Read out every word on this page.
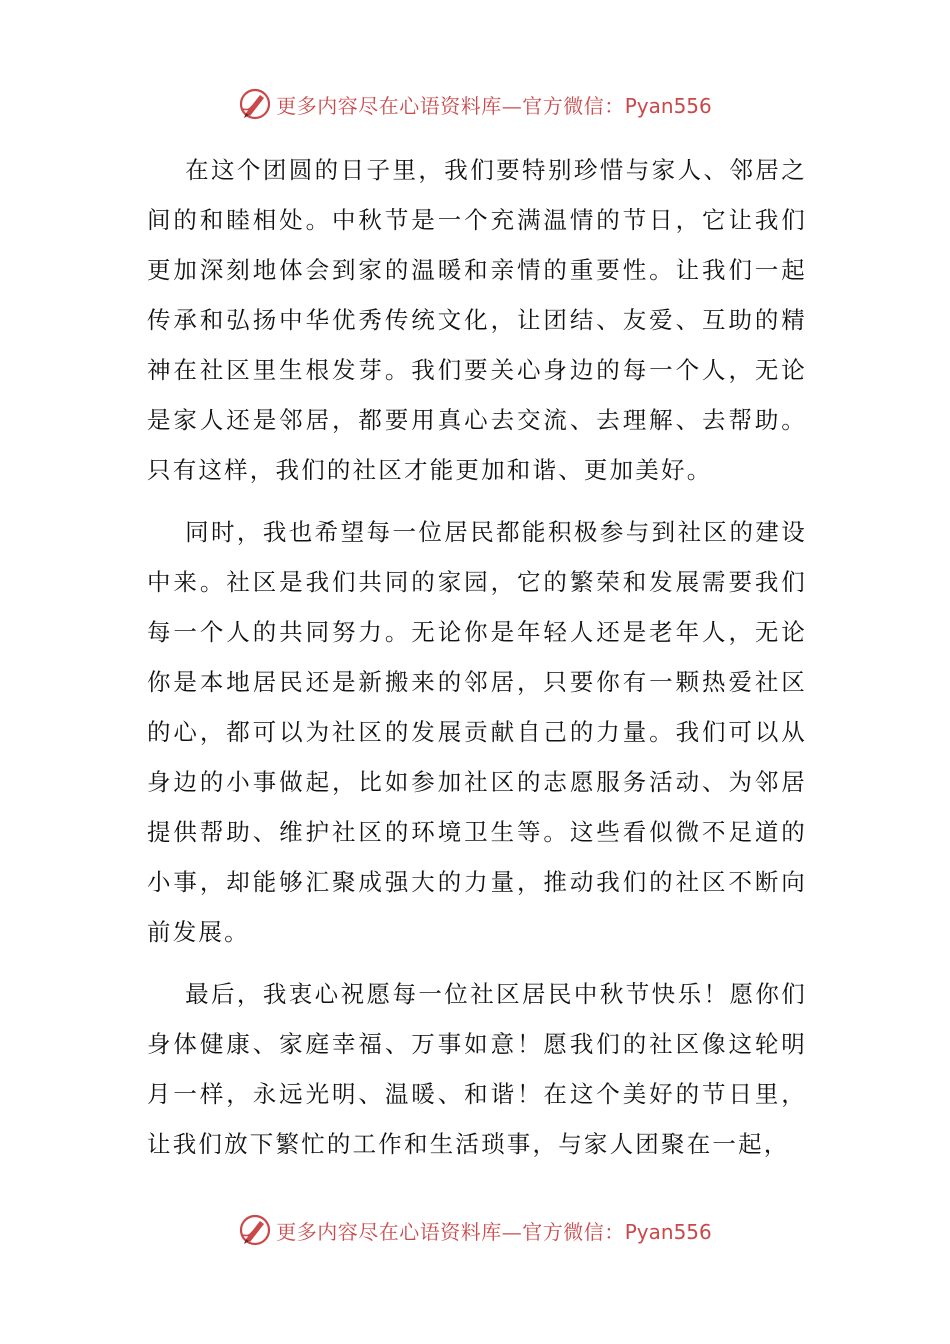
更多内容尽在心语资料库—官方微信：Pyan556

在这个团圆的日子里，我们要特别珍惜与家人、邻居之间的和睦相处。中秋节是一个充满温情的节日，它让我们更加深刻地体会到家的温暖和亲情的重要性。让我们一起传承和弘扬中华优秀传统文化，让团结、友爱、互助的精神在社区里生根发芽。我们要关心身边的每一个人，无论是家人还是邻居，都要用真心去交流、去理解、去帮助。只有这样，我们的社区才能更加和谐、更加美好。

同时，我也希望每一位居民都能积极参与到社区的建设中来。社区是我们共同的家园，它的繁荣和发展需要我们每一个人的共同努力。无论你是年轻人还是老年人，无论你是本地居民还是新搬来的邻居，只要你有一颗热爱社区的心，都可以为社区的发展贡献自己的力量。我们可以从身边的小事做起，比如参加社区的志愿服务活动、为邻居提供帮助、维护社区的环境卫生等。这些看似微不足道的小事，却能够汇聚成强大的力量，推动我们的社区不断向前发展。

最后，我衷心祝愿每一位社区居民中秋节快乐！愿你们身体健康、家庭幸福、万事如意！愿我们的社区像这轮明月一样，永远光明、温暖、和谐！在这个美好的节日里，让我们放下繁忙的工作和生活琐事，与家人团聚在一起，

更多内容尽在心语资料库—官方微信：Pyan556
